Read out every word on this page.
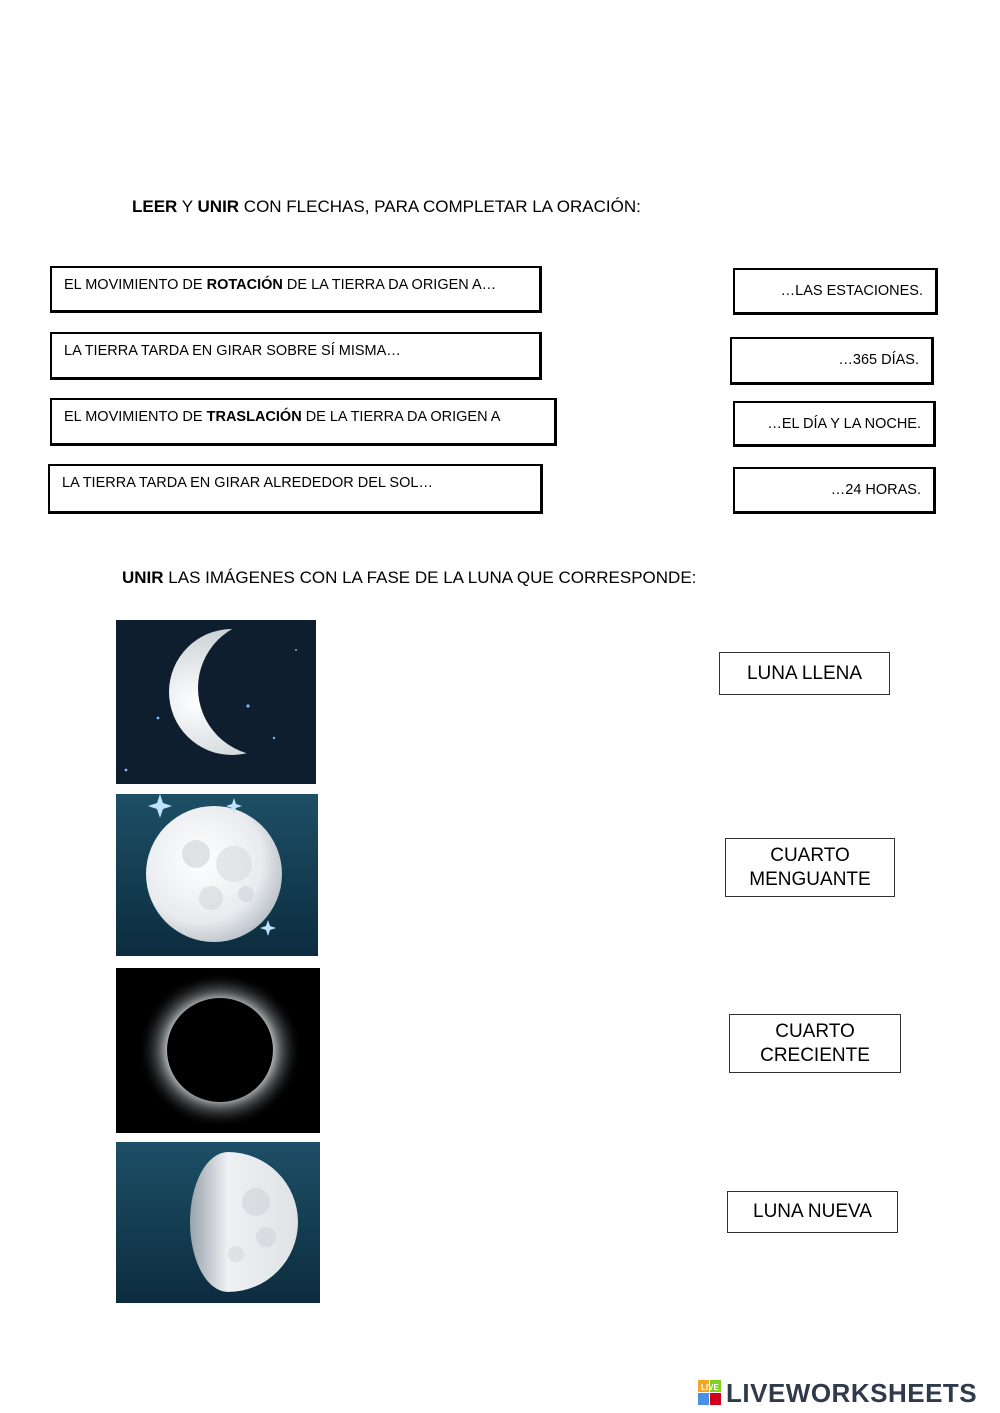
LEER Y UNIR CON FLECHAS, PARA COMPLETAR LA ORACIÓN:
EL MOVIMIENTO DE ROTACIÓN DE LA TIERRA DA ORIGEN A…
LA TIERRA TARDA EN GIRAR SOBRE SÍ MISMA…
EL MOVIMIENTO DE TRASLACIÓN DE LA TIERRA DA ORIGEN A
LA TIERRA TARDA EN GIRAR ALREDEDOR DEL SOL…
…LAS ESTACIONES.
…365 DÍAS.
…EL DÍA Y LA NOCHE.
…24 HORAS.
UNIR LAS IMÁGENES CON LA FASE DE LA LUNA QUE CORRESPONDE:
LUNA LLENA
CUARTO
MENGUANTE
CUARTO
CRECIENTE
LUNA NUEVA
LIVE LIVEWORKSHEETS
